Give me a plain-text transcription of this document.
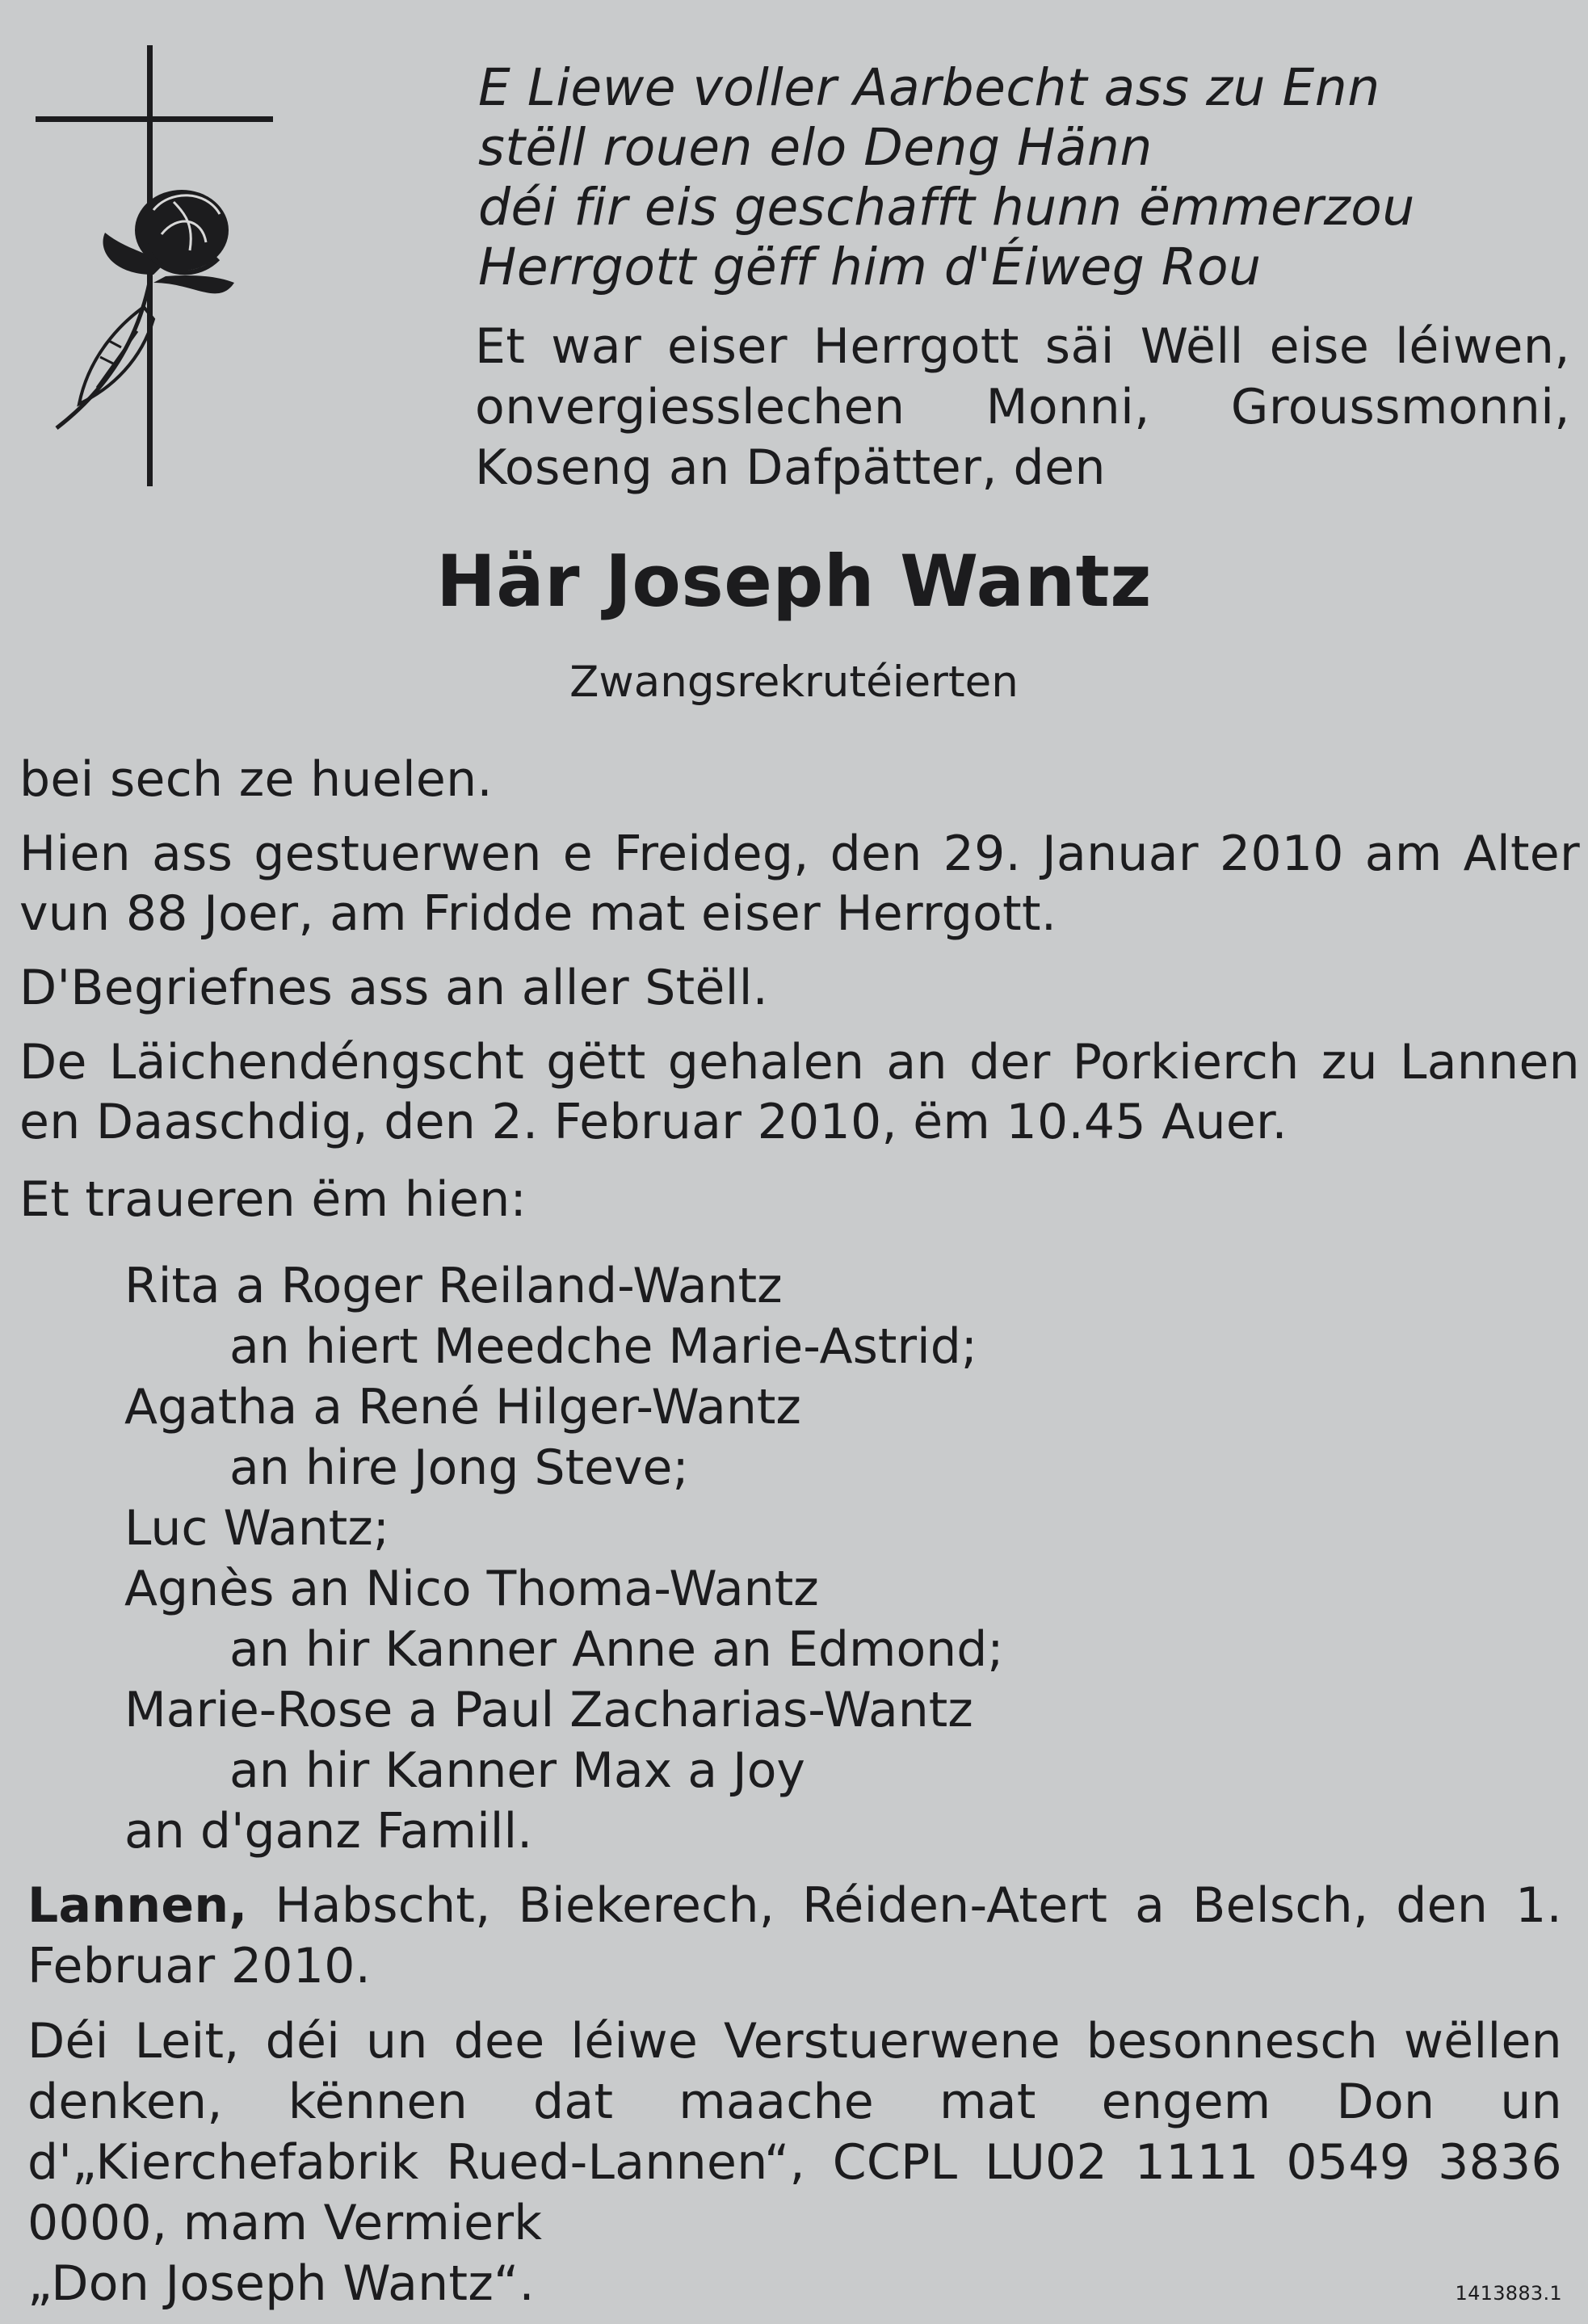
E Liewe voller Aarbecht ass zu Enn
stëll rouen elo Deng Hänn
déi fir eis geschafft hunn ëmmerzou
Herrgott gëff him d'Éiweg Rou
Et war eiser Herrgott säi Wëll eise léiwen, onvergiesslechen Monni, Groussmonni, Koseng an Dafpätter, den
Här Joseph Wantz
Zwangsrekrutéierten

bei sech ze huelen.

Hien ass gestuerwen e Freideg, den 29. Januar 2010 am Alter vun 88 Joer, am Fridde mat eiser Herrgott.

D'Begriefnes ass an aller Stëll.

De Läichendéngscht gëtt gehalen an der Porkierch zu Lannen en Daaschdig, den 2. Februar 2010, ëm 10.45 Auer.

Et traueren ëm hien:

Rita a Roger Reiland-Wantz
an hiert Meedche Marie-Astrid;
Agatha a René Hilger-Wantz
an hire Jong Steve;
Luc Wantz;
Agnès an Nico Thoma-Wantz
an hir Kanner Anne an Edmond;
Marie-Rose a Paul Zacharias-Wantz
an hir Kanner Max a Joy
an d'ganz Famill.

Lannen, Habscht, Biekerech, Réiden-Atert a Belsch, den 1. Februar 2010.

Déi Leit, déi un dee léiwe Verstuerwene besonnesch wëllen denken, kënnen dat maache mat engem Don un d'„Kierchefabrik Rued-Lannen“, CCPL LU02 1111 0549 3836 0000, mam Vermierk

„Don Joseph Wantz“.	1413883.1
